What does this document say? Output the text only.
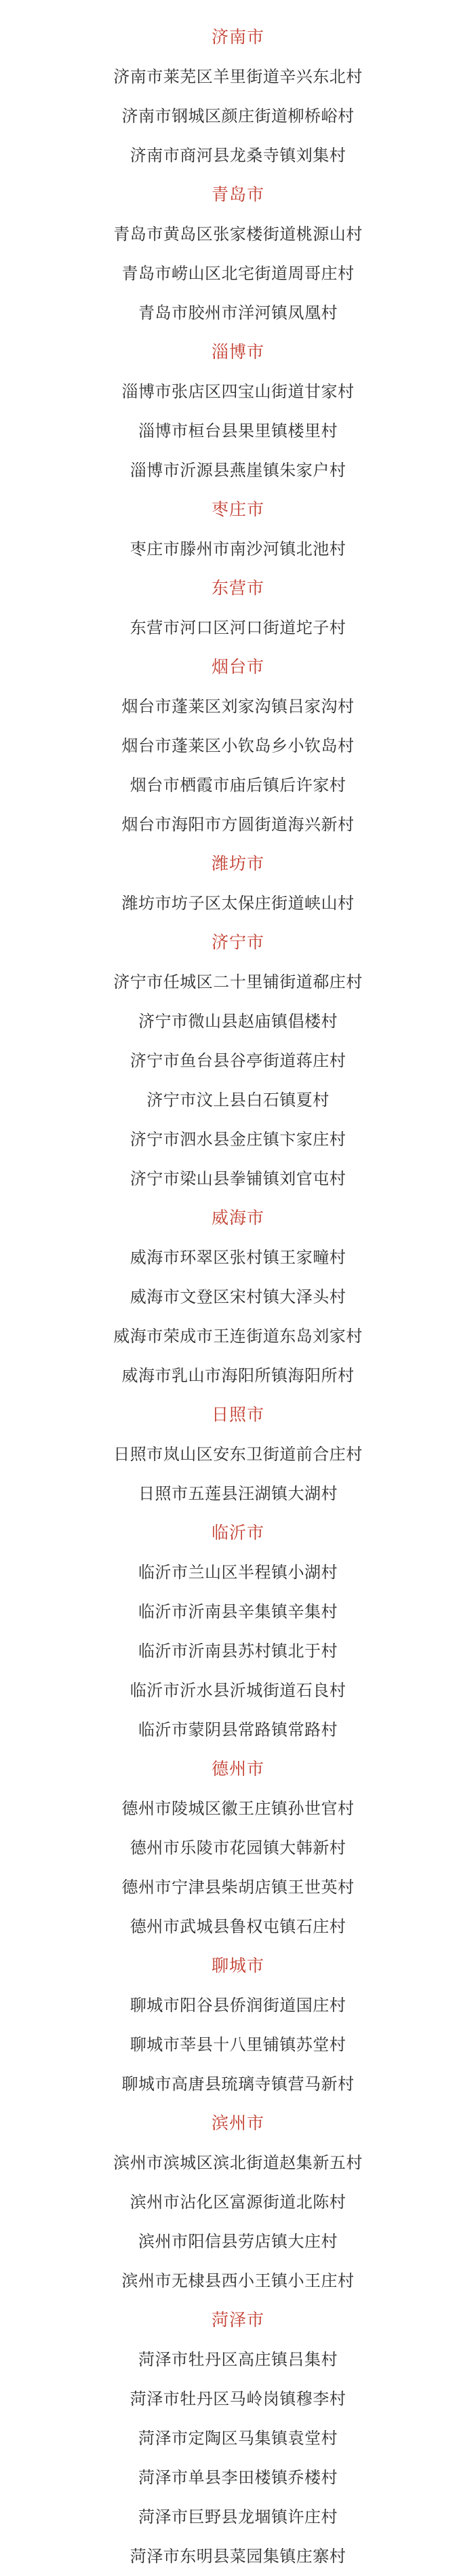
济南市
济南市莱芜区羊里街道辛兴东北村
济南市钢城区颜庄街道柳桥峪村
济南市商河县龙桑寺镇刘集村
青岛市
青岛市黄岛区张家楼街道桃源山村
青岛市崂山区北宅街道周哥庄村
青岛市胶州市洋河镇凤凰村
淄博市
淄博市张店区四宝山街道甘家村
淄博市桓台县果里镇楼里村
淄博市沂源县燕崖镇朱家户村
枣庄市
枣庄市滕州市南沙河镇北池村
东营市
东营市河口区河口街道坨子村
烟台市
烟台市蓬莱区刘家沟镇吕家沟村
烟台市蓬莱区小钦岛乡小钦岛村
烟台市栖霞市庙后镇后许家村
烟台市海阳市方圆街道海兴新村
潍坊市
潍坊市坊子区太保庄街道峡山村
济宁市
济宁市任城区二十里铺街道郗庄村
济宁市微山县赵庙镇倡楼村
济宁市鱼台县谷亭街道蒋庄村
济宁市汶上县白石镇夏村
济宁市泗水县金庄镇卞家庄村
济宁市梁山县拳铺镇刘官屯村
威海市
威海市环翠区张村镇王家疃村
威海市文登区宋村镇大泽头村
威海市荣成市王连街道东岛刘家村
威海市乳山市海阳所镇海阳所村
日照市
日照市岚山区安东卫街道前合庄村
日照市五莲县汪湖镇大湖村
临沂市
临沂市兰山区半程镇小湖村
临沂市沂南县辛集镇辛集村
临沂市沂南县苏村镇北于村
临沂市沂水县沂城街道石良村
临沂市蒙阴县常路镇常路村
德州市
德州市陵城区徽王庄镇孙世官村
德州市乐陵市花园镇大韩新村
德州市宁津县柴胡店镇王世英村
德州市武城县鲁权屯镇石庄村
聊城市
聊城市阳谷县侨润街道国庄村
聊城市莘县十八里铺镇苏堂村
聊城市高唐县琉璃寺镇营马新村
滨州市
滨州市滨城区滨北街道赵集新五村
滨州市沾化区富源街道北陈村
滨州市阳信县劳店镇大庄村
滨州市无棣县西小王镇小王庄村
菏泽市
菏泽市牡丹区高庄镇吕集村
菏泽市牡丹区马岭岗镇穆李村
菏泽市定陶区马集镇袁堂村
菏泽市单县李田楼镇乔楼村
菏泽市巨野县龙堌镇许庄村
菏泽市东明县菜园集镇庄寨村
